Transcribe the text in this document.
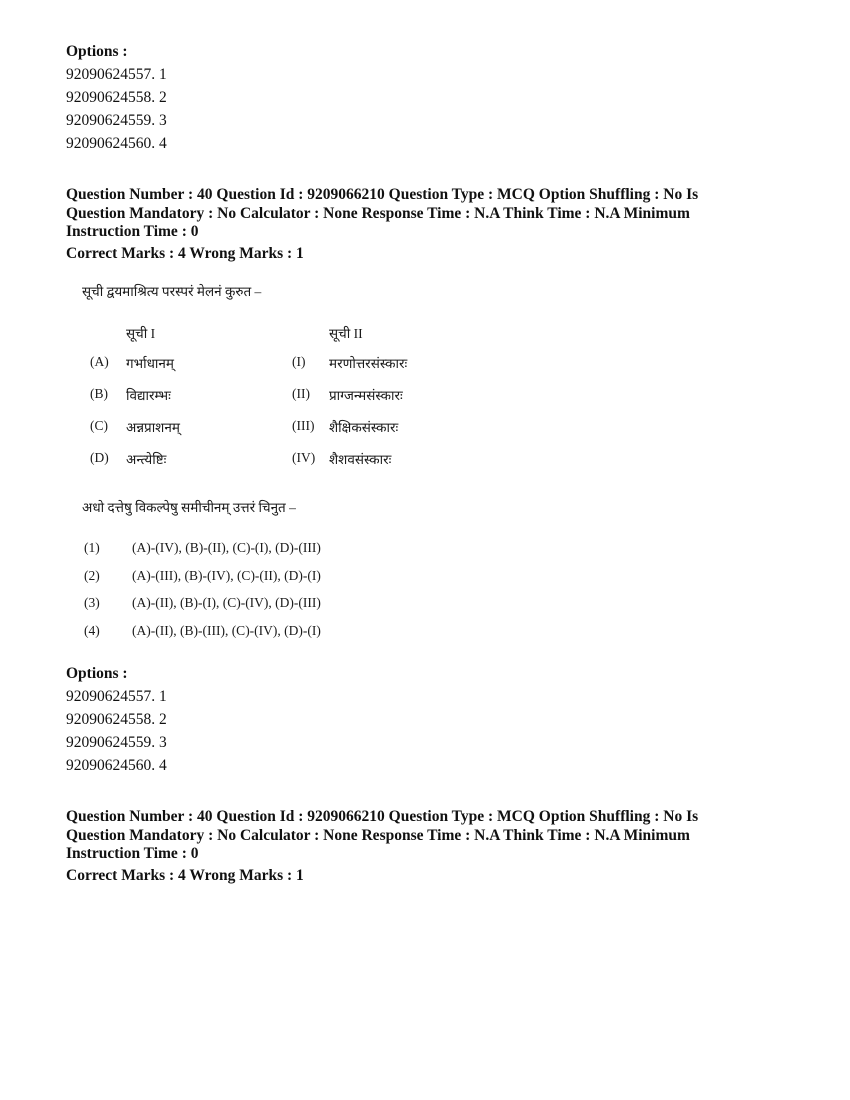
Options :
92090624557. 1
92090624558. 2
92090624559. 3
92090624560. 4
Question Number : 40 Question Id : 9209066210 Question Type : MCQ Option Shuffling : No Is
Question Mandatory : No Calculator : None Response Time : N.A Think Time : N.A Minimum
Instruction Time : 0
Correct Marks : 4 Wrong Marks : 1
सूची द्वयमाश्रित्य परस्परं मेलनं कुरुत –
सूची I	सूची II
(A) गर्भाधानम्	(I) मरणोत्तरसंस्कारः
(B) विद्यारम्भः	(II) प्राग्जन्मसंस्कारः
(C) अन्नप्राशनम्	(III) शैक्षिकसंस्कारः
(D) अन्त्येष्टिः	(IV) शैशवसंस्कारः
अधो दत्तेषु विकल्पेषु समीचीनम् उत्तरं चिनुत –
(1) (A)-(IV), (B)-(II), (C)-(I), (D)-(III)
(2) (A)-(III), (B)-(IV), (C)-(II), (D)-(I)
(3) (A)-(II), (B)-(I), (C)-(IV), (D)-(III)
(4) (A)-(II), (B)-(III), (C)-(IV), (D)-(I)
Options :
92090624557. 1
92090624558. 2
92090624559. 3
92090624560. 4
Question Number : 40 Question Id : 9209066210 Question Type : MCQ Option Shuffling : No Is
Question Mandatory : No Calculator : None Response Time : N.A Think Time : N.A Minimum
Instruction Time : 0
Correct Marks : 4 Wrong Marks : 1
